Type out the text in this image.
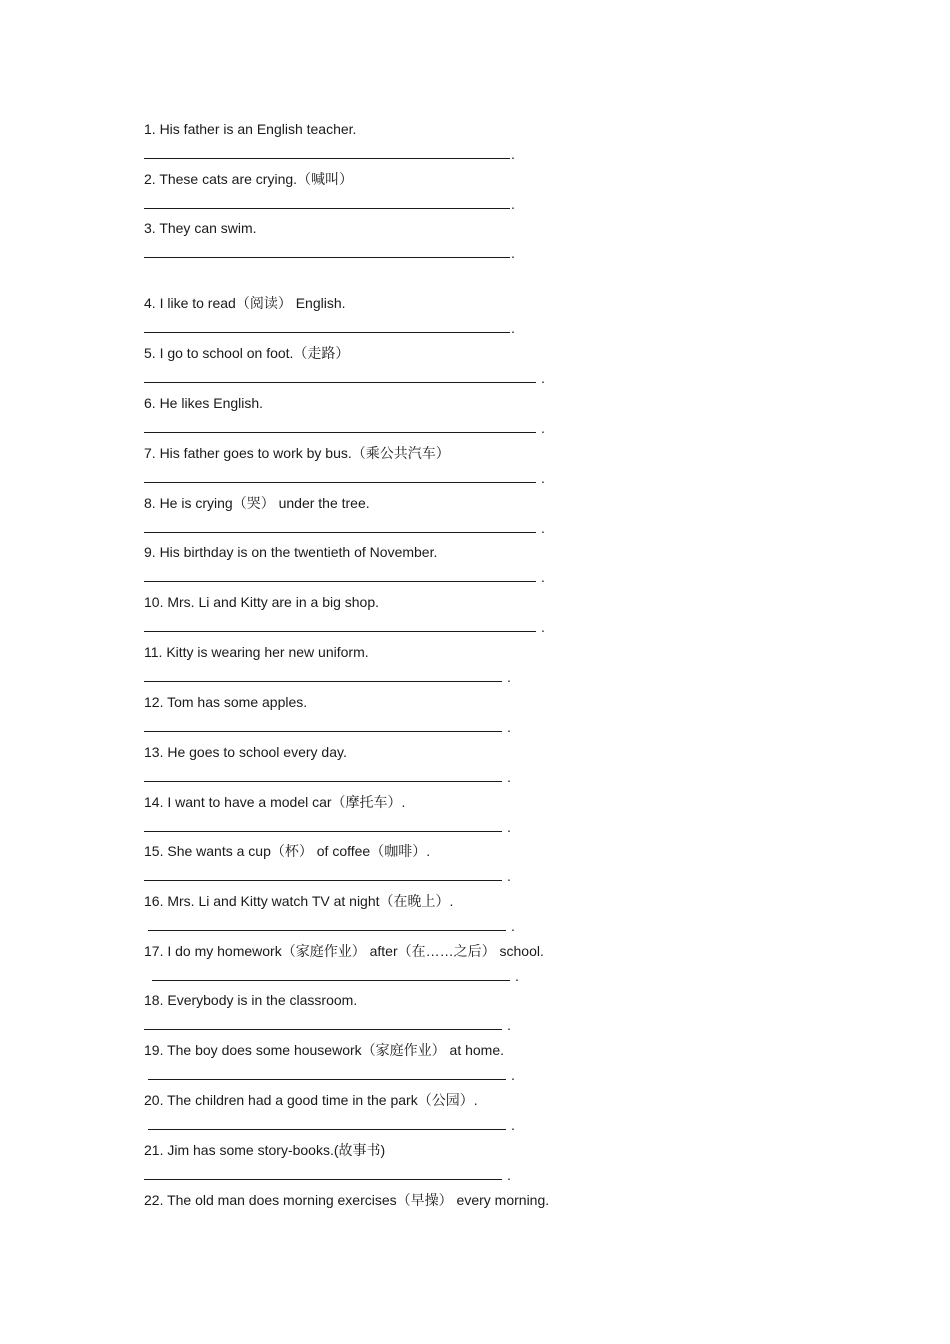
1. His father is an English teacher.
.
2. These cats are crying.（喊叫）
.
3. They can swim.
.
4. I like to read（阅读） English.
.
5. I go to school on foot.（走路）
.
6. He likes English.
.
7. His father goes to work by bus.（乘公共汽车）
.
8. He is crying（哭） under the tree.
.
9. His birthday is on the twentieth of November.
.
10. Mrs. Li and Kitty are in a big shop.
.
11. Kitty is wearing her new uniform.
.
12. Tom has some apples.
.
13. He goes to school every day.
.
14. I want to have a model car（摩托车）.
.
15. She wants a cup（杯） of coffee（咖啡）.
.
16. Mrs. Li and Kitty watch TV at night（在晚上）.
.
17. I do my homework（家庭作业） after（在……之后） school.
.
18. Everybody is in the classroom.
.
19. The boy does some housework（家庭作业） at home.
.
20. The children had a good time in the park（公园）.
.
21. Jim has some story-books.(故事书)
.
22. The old man does morning exercises（早操） every morning.
